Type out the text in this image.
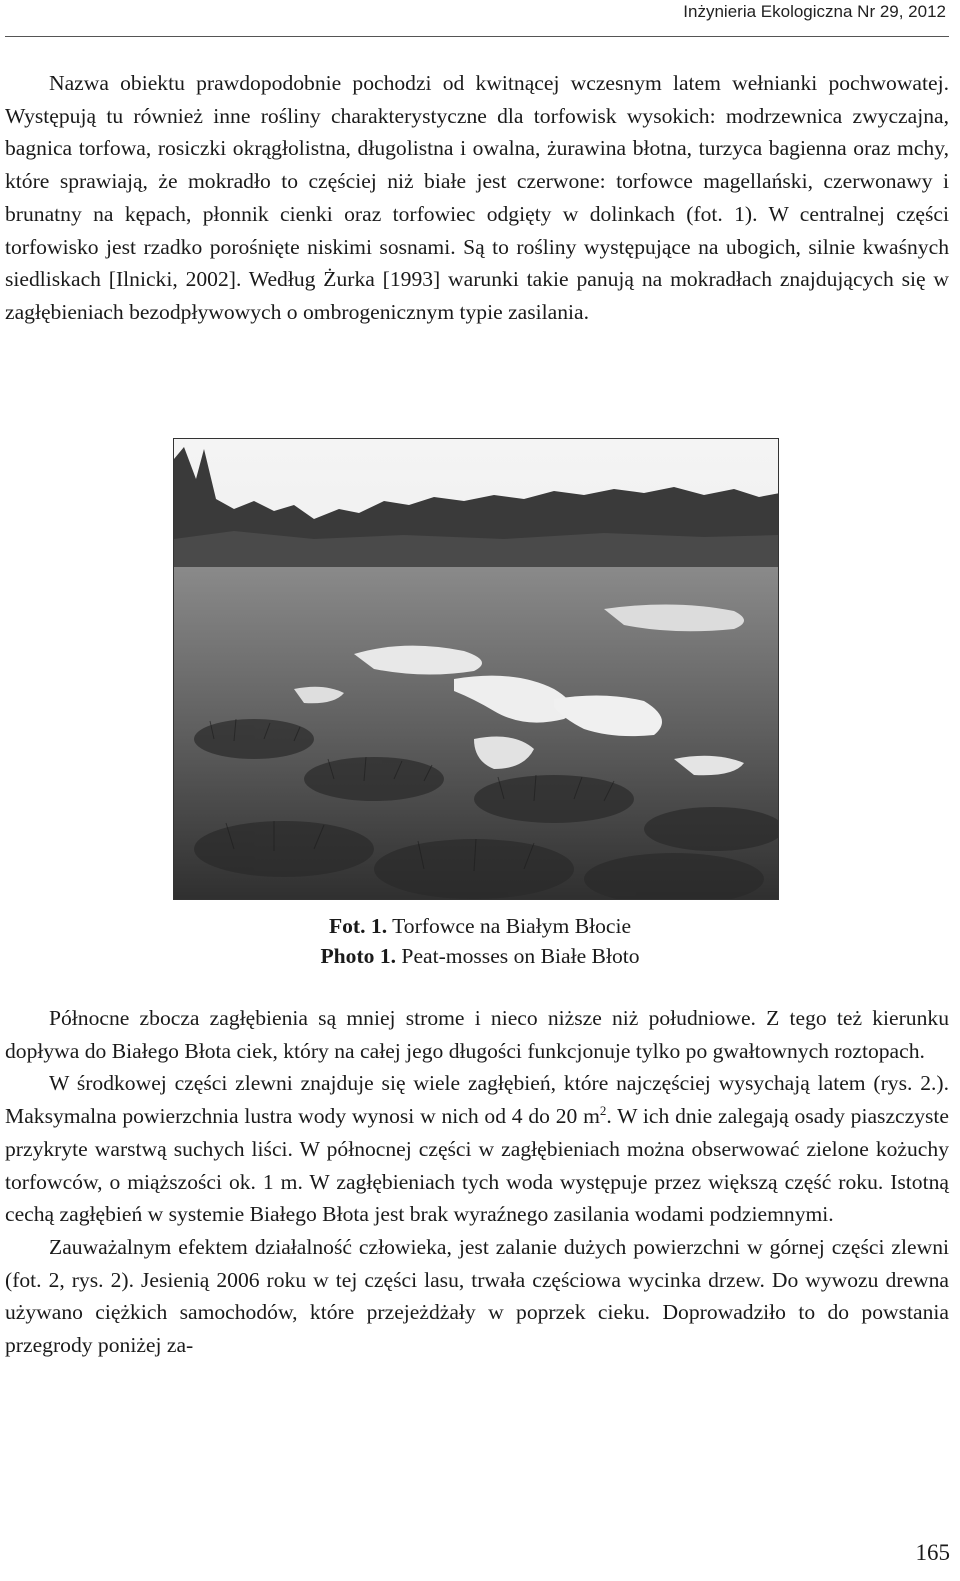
Inżynieria Ekologiczna Nr 29, 2012

Nazwa obiektu prawdopodobnie pochodzi od kwitnącej wczesnym latem wełnianki pochwowatej. Występują tu również inne rośliny charakterystyczne dla torfowisk wysokich: modrzewnica zwyczajna, bagnica torfowa, rosiczki okrągłolistna, długolistna i owalna, żurawina błotna, turzyca bagienna oraz mchy, które sprawiają, że mokradło to częściej niż białe jest czerwone: torfowce magellański, czerwonawy i brunatny na kępach, płonnik cienki oraz torfowiec odgięty w dolinkach (fot. 1). W centralnej części torfowisko jest rzadko porośnięte niskimi sosnami. Są to rośliny występujące na ubogich, silnie kwaśnych siedliskach [Ilnicki, 2002]. Według Żurka [1993] warunki takie panują na mokradłach znajdujących się w zagłębieniach bezodpływowych o ombrogenicznym typie zasilania.

Fot. 1. Torfowce na Białym Błocie
Photo 1. Peat-mosses on Białe Błoto

Północne zbocza zagłębienia są mniej strome i nieco niższe niż południowe. Z tego też kierunku dopływa do Białego Błota ciek, który na całej jego długości funkcjonuje tylko po gwałtownych roztopach.

W środkowej części zlewni znajduje się wiele zagłębień, które najczęściej wysychają latem (rys. 2.). Maksymalna powierzchnia lustra wody wynosi w nich od 4 do 20 $m^2$. W ich dnie zalegają osady piaszczyste przykryte warstwą suchych liści. W północnej części w zagłębieniach można obserwować zielone kożuchy torfowców, o miąższości ok. 1 m. W zagłębieniach tych woda występuje przez większą część roku. Istotną cechą zagłębień w systemie Białego Błota jest brak wyraźnego zasilania wodami podziemnymi.

Zauważalnym efektem działalność człowieka, jest zalanie dużych powierzchni w górnej części zlewni (fot. 2, rys. 2). Jesienią 2006 roku w tej części lasu, trwała częściowa wycinka drzew. Do wywozu drewna używano ciężkich samochodów, które przejeżdżały w poprzek cieku. Doprowadziło to do powstania przegrody poniżej za-

165
